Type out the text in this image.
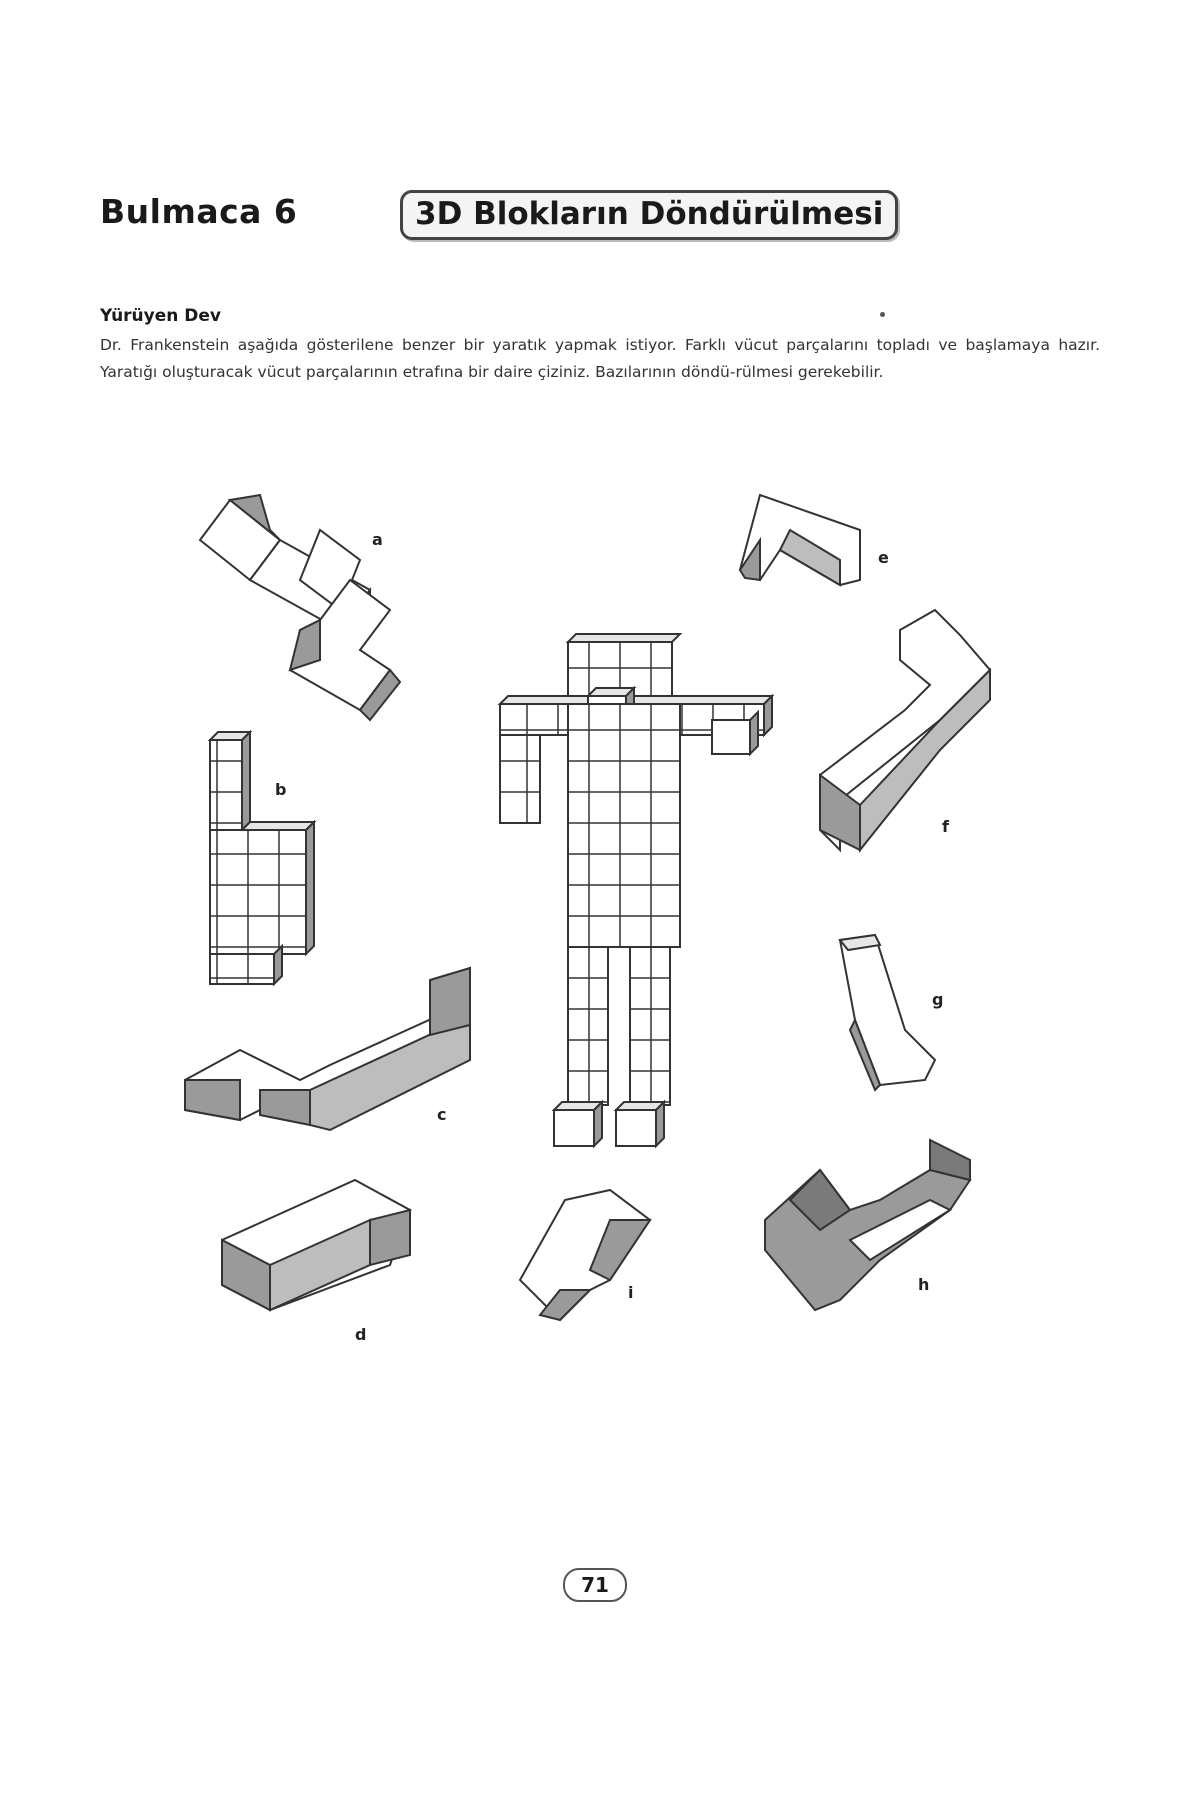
Bulmaca 6	3D Blokların Döndürülmesi
Yürüyen Dev
Dr. Frankenstein aşağıda gösterilene benzer bir yaratık yapmak istiyor. Farklı vücut parçalarını topladı ve başlamaya hazır. Yaratığı oluşturacak vücut parçalarının etrafına bir daire çiziniz. Bazılarının döndü-rülmesi gerekebilir.
a
b
c
d
e
f
g
h
i
71
